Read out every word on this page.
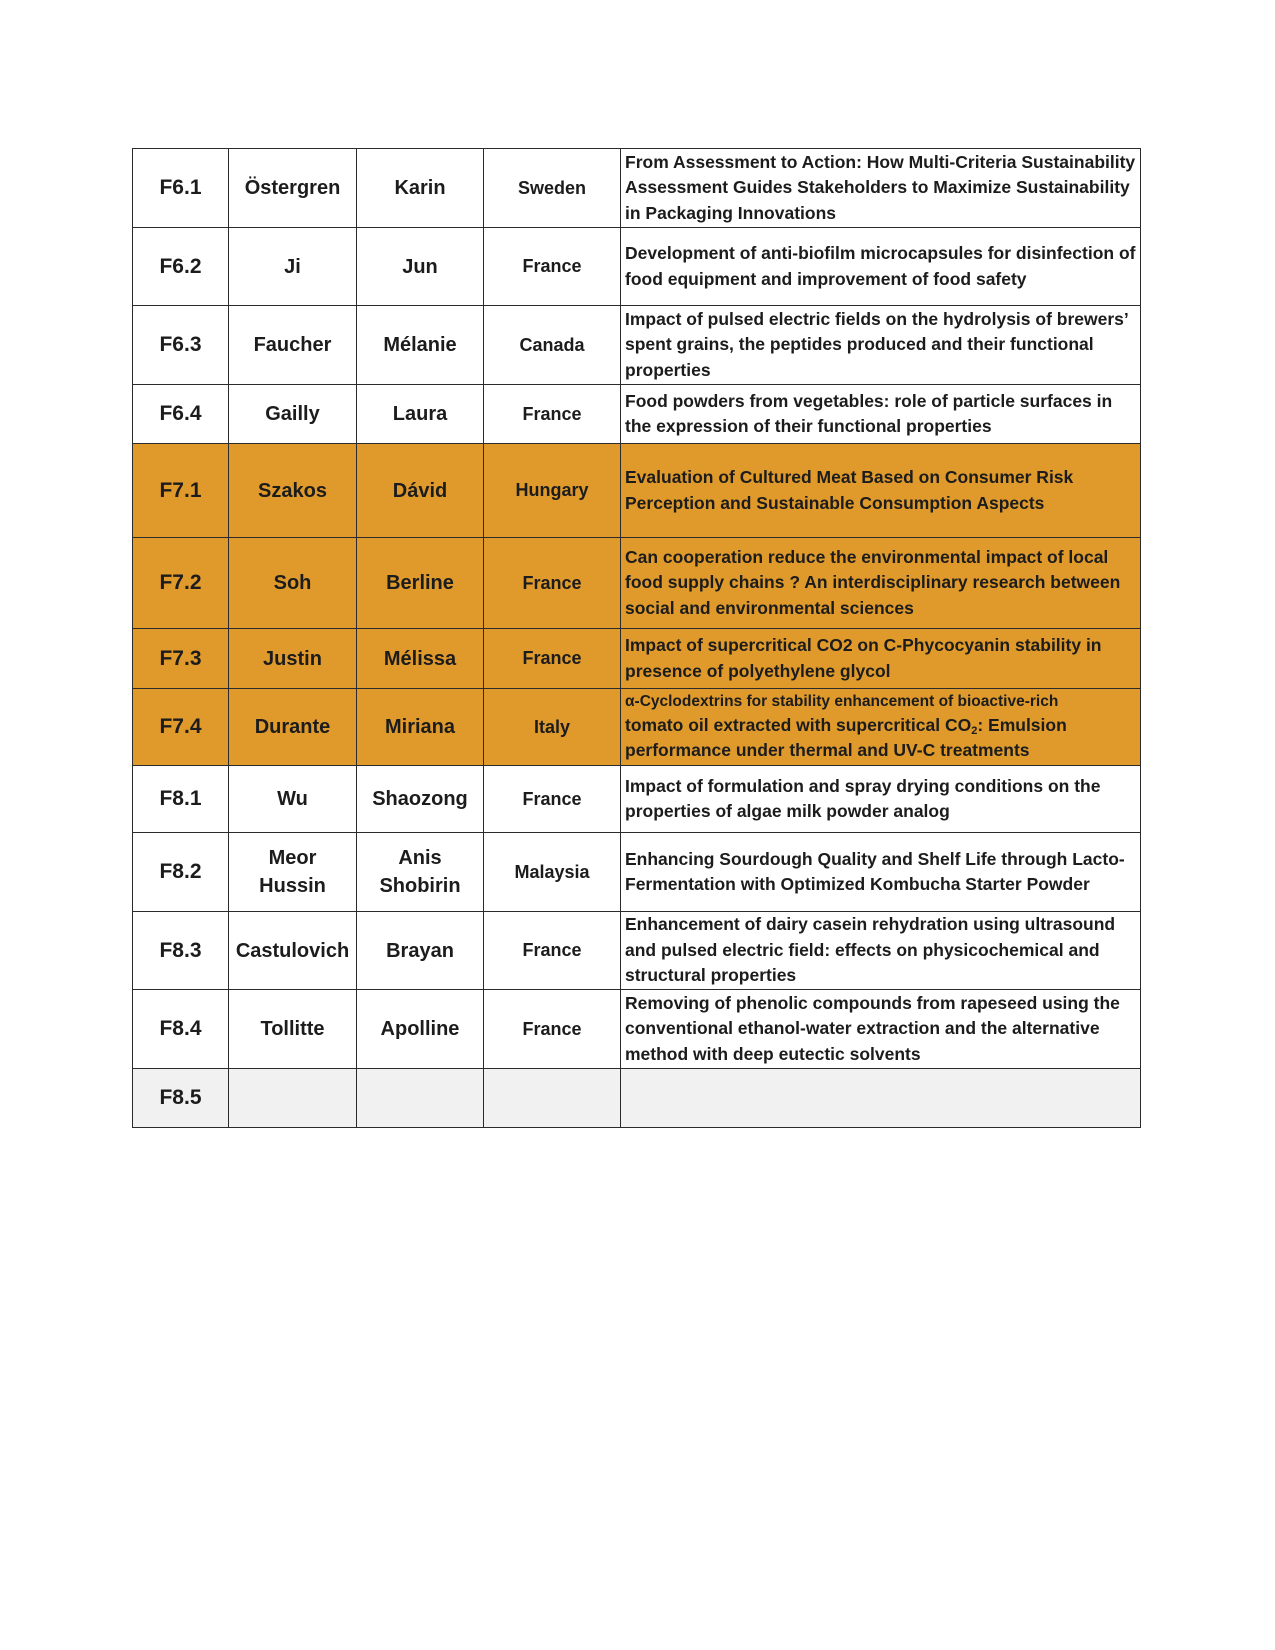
F6.1	Östergren	Karin	Sweden	From Assessment to Action: How Multi-Criteria Sustainability Assessment Guides Stakeholders to Maximize Sustainability in Packaging Innovations
F6.2	Ji	Jun	France	Development of anti-biofilm microcapsules for disinfection of food equipment and improvement of food safety
F6.3	Faucher	Mélanie	Canada	Impact of pulsed electric fields on the hydrolysis of brewers’ spent grains, the peptides produced and their functional properties
F6.4	Gailly	Laura	France	Food powders from vegetables: role of particle surfaces in the expression of their functional properties
F7.1	Szakos	Dávid	Hungary	Evaluation of Cultured Meat Based on Consumer Risk Perception and Sustainable Consumption Aspects
F7.2	Soh	Berline	France	Can cooperation reduce the environmental impact of local food supply chains ? An interdisciplinary research between social and environmental sciences
F7.3	Justin	Mélissa	France	Impact of supercritical CO2 on C-Phycocyanin stability in presence of polyethylene glycol
F7.4	Durante	Miriana	Italy	α-Cyclodextrins for stability enhancement of bioactive-rich
tomato oil extracted with supercritical $CO_2$: Emulsion performance under thermal and UV-C treatments

F8.1	Wu	Shaozong	France	Impact of formulation and spray drying conditions on the properties of algae milk powder analog
F8.2	Meor Hussin	Anis Shobirin	Malaysia	Enhancing Sourdough Quality and Shelf Life through Lacto-Fermentation with Optimized Kombucha Starter Powder
F8.3	Castulovich	Brayan	France	Enhancement of dairy casein rehydration using ultrasound and pulsed electric field: effects on physicochemical and structural properties
F8.4	Tollitte	Apolline	France	Removing of phenolic compounds from rapeseed using the conventional ethanol-water extraction and the alternative method with deep eutectic solvents
F8.5				
